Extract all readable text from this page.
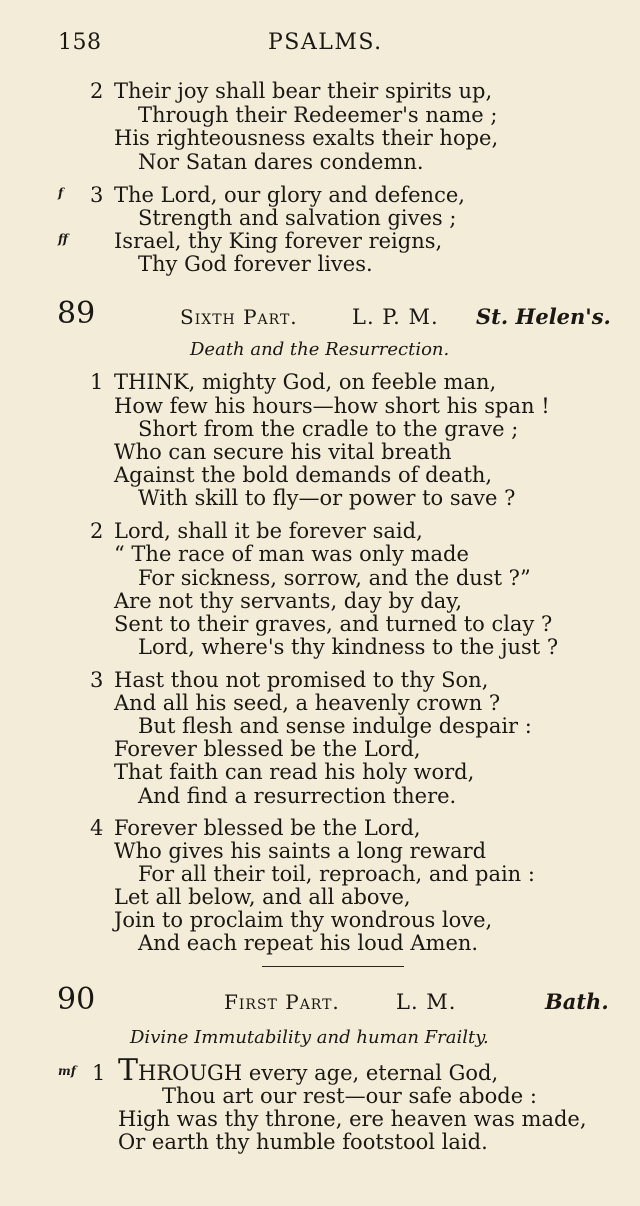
158	PSALMS.
2 Their joy shall bear their spirits up,
Through their Redeemer's name ;
His righteousness exalts their hope,
Nor Satan dares condemn.
f 3 The Lord, our glory and defence,
Strength and salvation gives ;
ff Israel, thy King forever reigns,
Thy God forever lives.
89	Sixth Part.	L. P. M. St. Helen's.
Death and the Resurrection.
1 THINK, mighty God, on feeble man,
How few his hours—how short his span !
Short from the cradle to the grave ;
Who can secure his vital breath
Against the bold demands of death,
With skill to fly—or power to save ?
2 Lord, shall it be forever said,
“ The race of man was only made
For sickness, sorrow, and the dust ?”
Are not thy servants, day by day,
Sent to their graves, and turned to clay ?
Lord, where's thy kindness to the just ?
3 Hast thou not promised to thy Son,
And all his seed, a heavenly crown ?
But flesh and sense indulge despair :
Forever blessed be the Lord,
That faith can read his holy word,
And find a resurrection there.
4 Forever blessed be the Lord,
Who gives his saints a long reward
For all their toil, reproach, and pain :
Let all below, and all above,
Join to proclaim thy wondrous love,
And each repeat his loud Amen.
90	First Part.	L. M.	Bath.
Divine Immutability and human Frailty.
mf 1 THROUGH every age, eternal God,
Thou art our rest—our safe abode :
High was thy throne, ere heaven was made,
Or earth thy humble footstool laid.
